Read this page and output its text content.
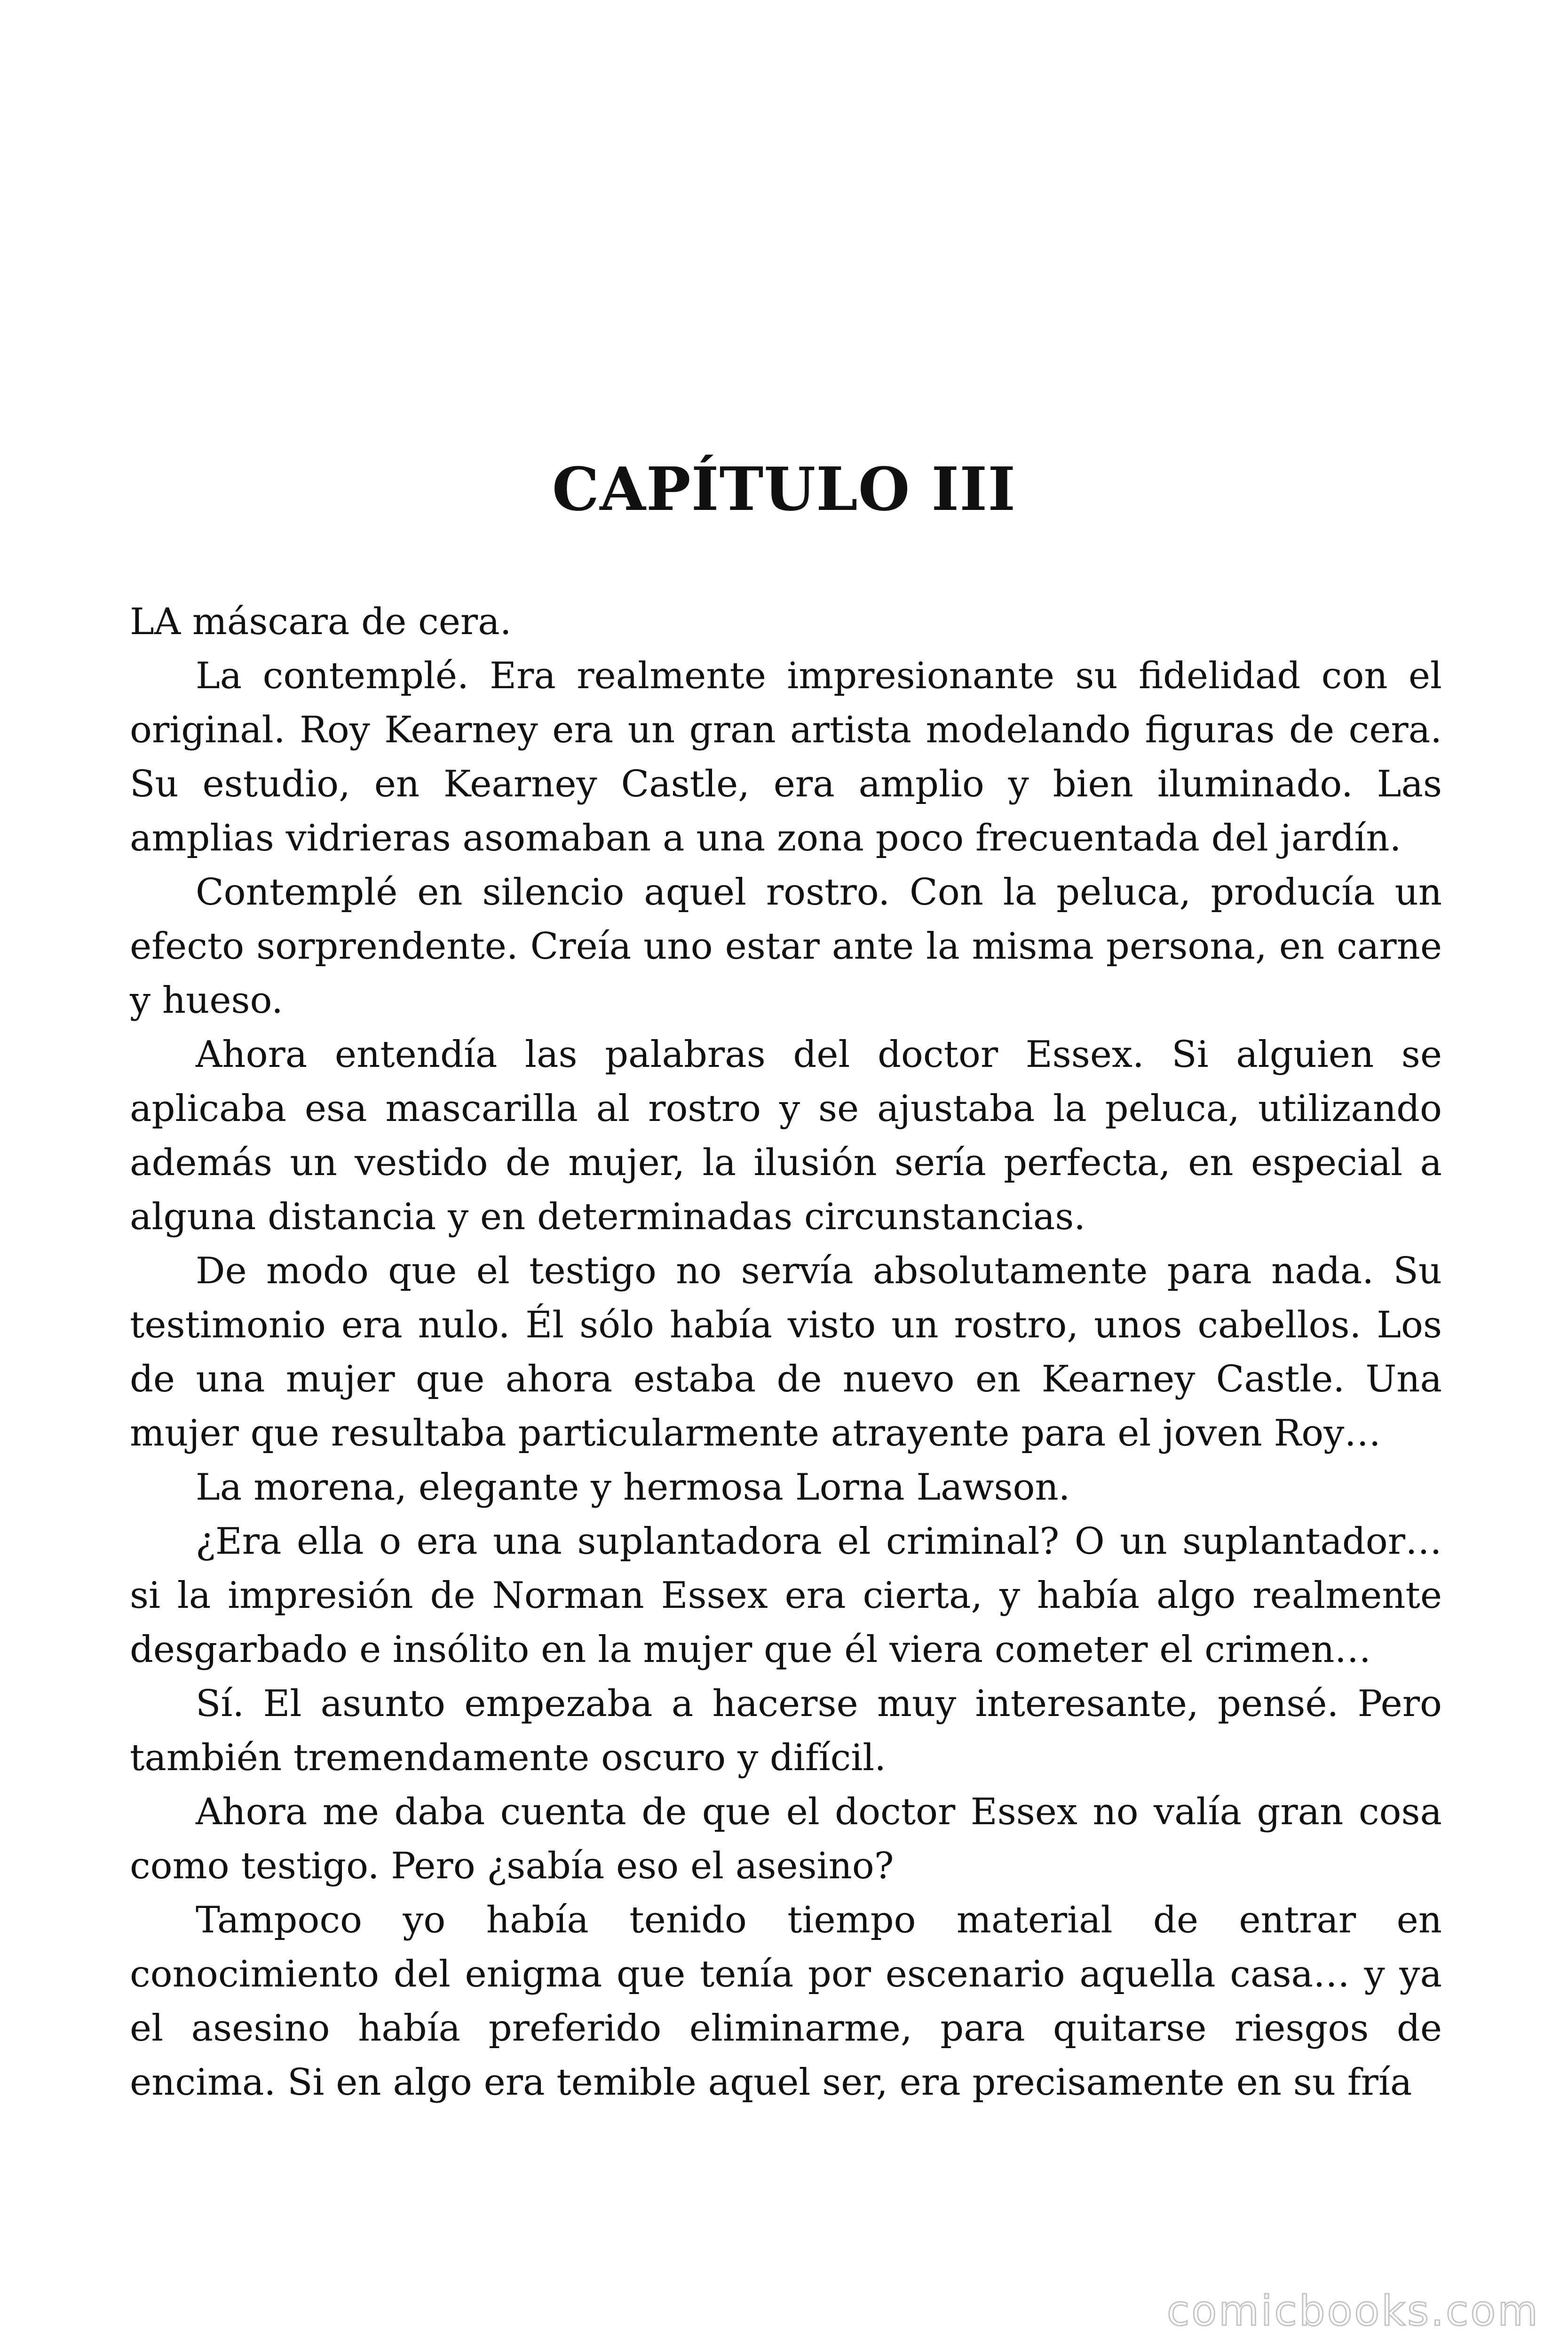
CAPÍTULO III

LA máscara de cera.

La contemplé. Era realmente impresionante su fidelidad con el original. Roy Kearney era un gran artista modelando figuras de cera. Su estudio, en Kearney Castle, era amplio y bien iluminado. Las amplias vidrieras asomaban a una zona poco frecuentada del jardín.

Contemplé en silencio aquel rostro. Con la peluca, producía un efecto sorprendente. Creía uno estar ante la misma persona, en carne y hueso.

Ahora entendía las palabras del doctor Essex. Si alguien se aplicaba esa mascarilla al rostro y se ajustaba la peluca, utilizando además un vestido de mujer, la ilusión sería perfecta, en especial a alguna distancia y en determinadas circunstancias.

De modo que el testigo no servía absolutamente para nada. Su testimonio era nulo. Él sólo había visto un rostro, unos cabellos. Los de una mujer que ahora estaba de nuevo en Kearney Castle. Una mujer que resultaba particularmente atrayente para el joven Roy…

La morena, elegante y hermosa Lorna Lawson.

¿Era ella o era una suplantadora el criminal? O un suplantador… si la impresión de Norman Essex era cierta, y había algo realmente desgarbado e insólito en la mujer que él viera cometer el crimen…

Sí. El asunto empezaba a hacerse muy interesante, pensé. Pero también tremendamente oscuro y difícil.

Ahora me daba cuenta de que el doctor Essex no valía gran cosa como testigo. Pero ¿sabía eso el asesino?

Tampoco yo había tenido tiempo material de entrar en conocimiento del enigma que tenía por escenario aquella casa… y ya el asesino había preferido eliminarme, para quitarse riesgos de encima. Si en algo era temible aquel ser, era precisamente en su fría

comicbooks.com
